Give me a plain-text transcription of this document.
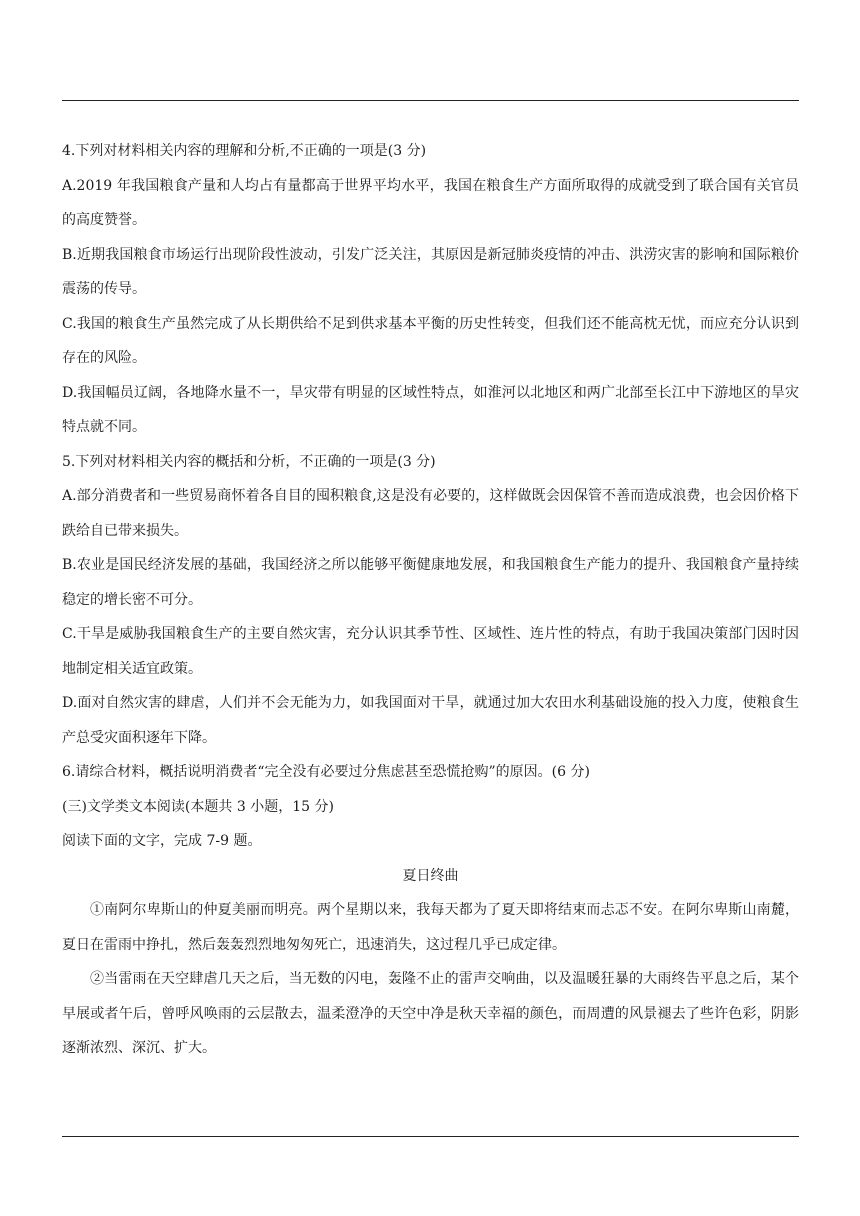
4.下列对材料相关内容的理解和分析,不正确的一项是(3 分)

A.2019 年我国粮食产量和人均占有量都高于世界平均水平，我国在粮食生产方面所取得的成就受到了联合国有关官员的高度赞誉。

B.近期我国粮食市场运行出现阶段性波动，引发广泛关注，其原因是新冠肺炎疫情的冲击、洪涝灾害的影响和国际粮价震荡的传导。

C.我国的粮食生产虽然完成了从长期供给不足到供求基本平衡的历史性转变，但我们还不能高枕无忧，而应充分认识到存在的风险。

D.我国幅员辽阔，各地降水量不一，旱灾带有明显的区域性特点，如淮河以北地区和两广北部至长江中下游地区的旱灾特点就不同。

5.下列对材料相关内容的概括和分析，不正确的一项是(3 分)

A.部分消费者和一些贸易商怀着各自目的囤积粮食,这是没有必要的，这样做既会因保管不善而造成浪费，也会因价格下跌给自已带来损失。

B.农业是国民经济发展的基础，我国经济之所以能够平衡健康地发展，和我国粮食生产能力的提升、我国粮食产量持续稳定的增长密不可分。

C.干旱是威胁我国粮食生产的主要自然灾害，充分认识其季节性、区域性、连片性的特点，有助于我国决策部门因时因地制定相关适宜政策。

D.面对自然灾害的肆虐，人们并不会无能为力，如我国面对干旱，就通过加大农田水利基础设施的投入力度，使粮食生产总受灾面积逐年下降。

6.请综合材料，概括说明消费者“完全没有必要过分焦虑甚至恐慌抢购”的原因。(6 分)

(三)文学类文本阅读(本题共 3 小题，15 分)

阅读下面的文字，完成 7-9 题。

夏日终曲

①南阿尔卑斯山的仲夏美丽而明亮。两个星期以来，我每天都为了夏天即将结束而忐忑不安。在阿尔卑斯山南麓，夏日在雷雨中挣扎，然后轰轰烈烈地匆匆死亡，迅速消失，这过程几乎已成定律。

②当雷雨在天空肆虐几天之后，当无数的闪电，轰隆不止的雷声交响曲，以及温暖狂暴的大雨终告平息之后，某个早展或者午后，曾呼风唤雨的云层散去，温柔澄净的天空中净是秋天幸福的颜色，而周遭的风景褪去了些许色彩，阴影逐渐浓烈、深沉、扩大。
